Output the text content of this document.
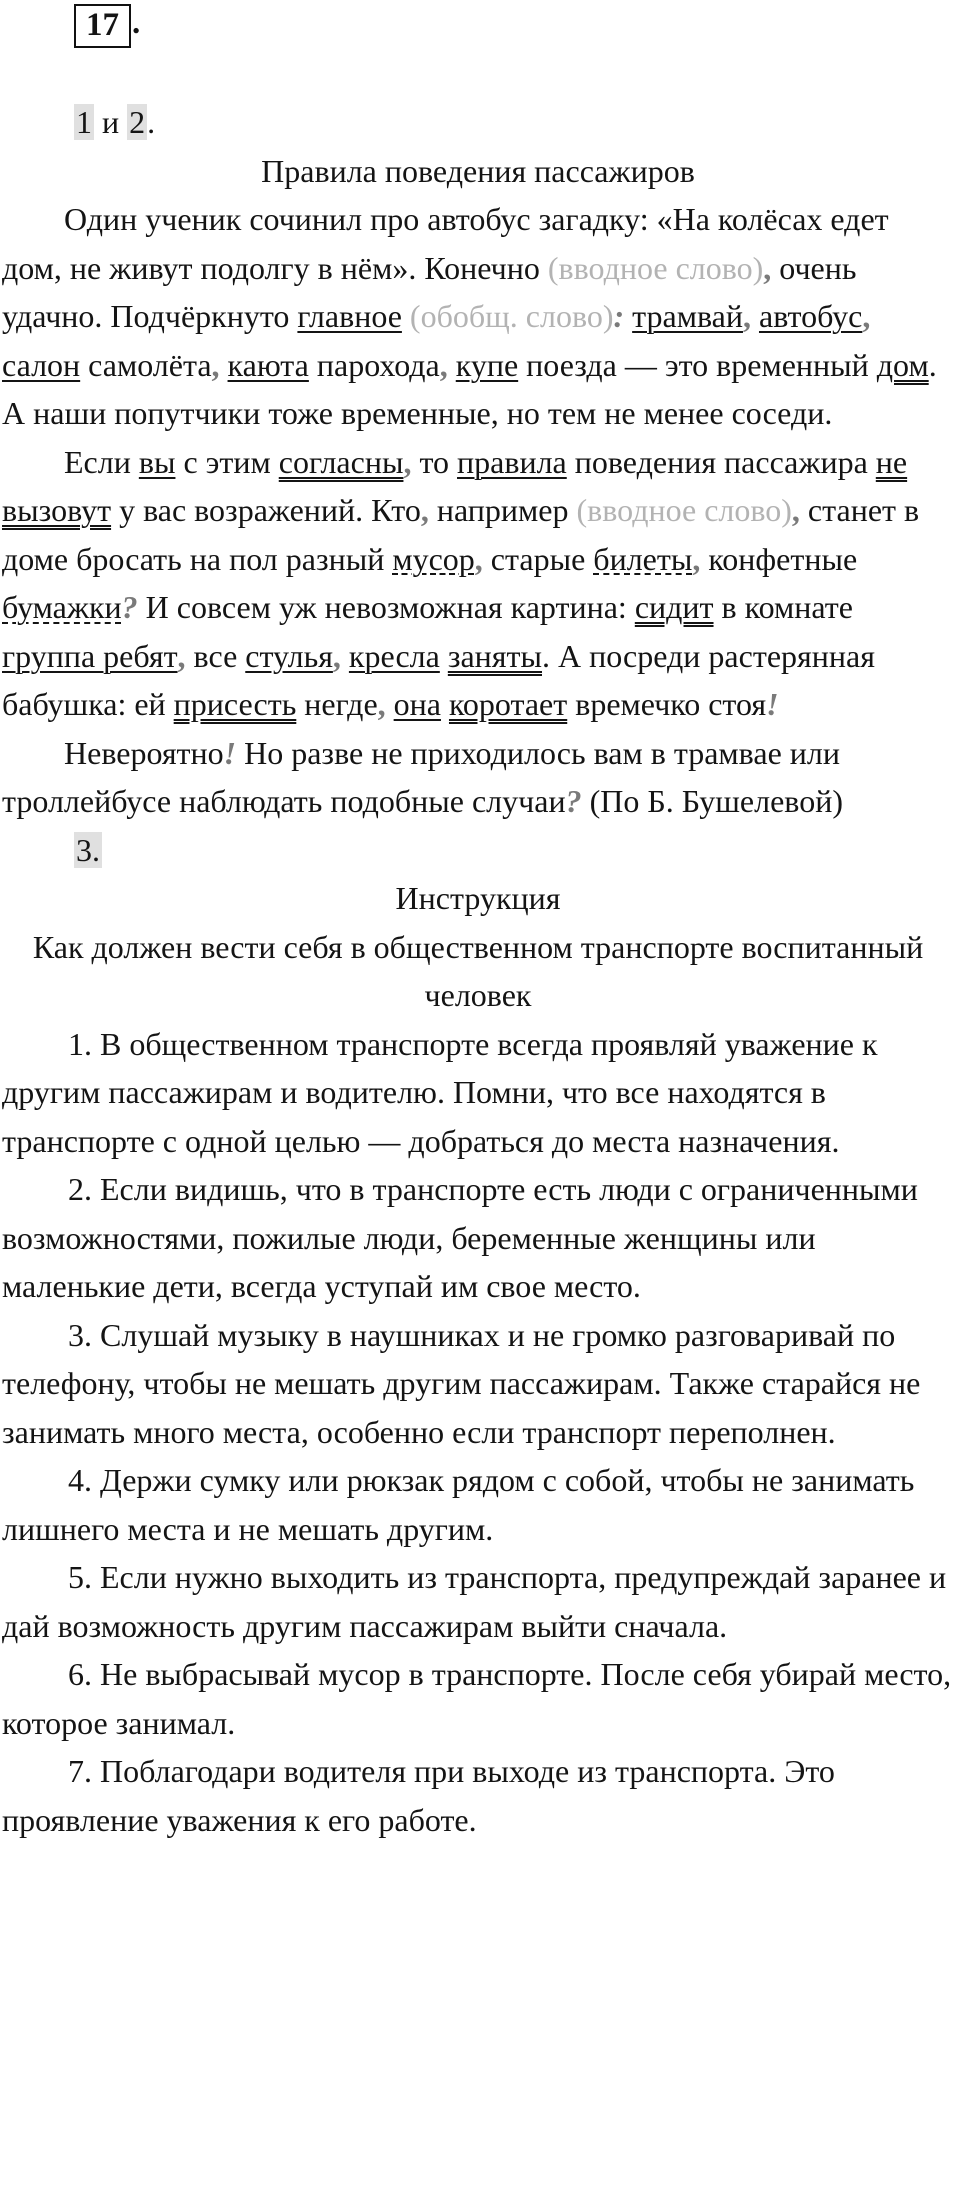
17 .
1 и 2.
Правила поведения пассажиров

Один ученик сочинил про автобус загадку: «На колёсах едет дом, не живут подолгу в нём». Конечно (вводное слово), очень удачно. Подчёркнуто главное (обобщ. слово): трамвай, автобус, салон самолёта, каюта парохода, купе поезда — это временный дом. А наши попутчики тоже временные, но тем не менее соседи.

Если вы с этим согласны, то правила поведения пассажира не вызовут у вас возражений. Кто, например (вводное слово), станет в доме бросать на пол разный мусор, старые билеты, конфетные бумажки? И совсем уж невозможная картина: сидит в комнате группа ребят, все стулья, кресла заняты. А посреди растерянная бабушка: ей присесть негде, она коротает времечко стоя!

Невероятно! Но разве не приходилось вам в трамвае или троллейбусе наблюдать подобные случаи? (По Б. Бушелевой)

3.
Инструкция
Как должен вести себя в общественном транспорте воспитанный человек

1. В общественном транспорте всегда проявляй уважение к другим пассажирам и водителю. Помни, что все находятся в транспорте с одной целью — добраться до места назначения.

2. Если видишь, что в транспорте есть люди с ограниченными возможностями, пожилые люди, беременные женщины или маленькие дети, всегда уступай им свое место.

3. Слушай музыку в наушниках и не громко разговаривай по телефону, чтобы не мешать другим пассажирам. Также старайся не занимать много места, особенно если транспорт переполнен.

4. Держи сумку или рюкзак рядом с собой, чтобы не занимать лишнего места и не мешать другим.

5. Если нужно выходить из транспорта, предупреждай заранее и дай возможность другим пассажирам выйти сначала.

6. Не выбрасывай мусор в транспорте. После себя убирай место, которое занимал.

7. Поблагодари водителя при выходе из транспорта. Это проявление уважения к его работе.
